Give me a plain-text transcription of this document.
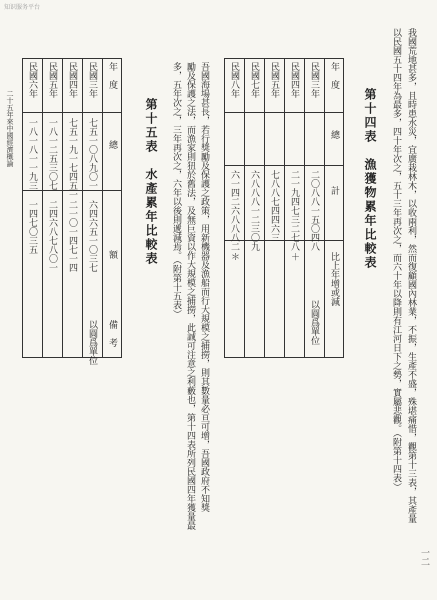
知识服务平台
我國荒地甚多，且時患水災，宜廣栽林木，以收兩利，然而復顧國內林業，不振，生產不盛，殊堪痛惜，觀第十三表，其產量
以民國五十四年為最多，四十年次之，五十三年再次之，而六十年以降則有江河日下之勢，實屬悲觀。（附第十四表）
第十四表　漁獲物累年比較表
年　度
總
計
比上年增或減
民國三年
二〇八八一五〇四八
以圓爲單位
民國四年
二一九四七三二七八
＋
民國五年
七八八七四四六三
民國七年
六八八八一二三〇九
民國八年
六一四二六八八八二
＊
吾國海場甚長，若行獎勵及保護之政策，用新機器及漁船而行大規模之捕撈，則其數量必亘可增，吾國政府不知獎
勵及保護之法，而漁家則狃於舊法，及無巨資以作大規模之捕撈，此誠可注意之利藪也，第十四表所列民國四年獲量最
多，五年次之，三年再次之，六年以後則遞減焉。（附第十五表）
第十五表　水產累年比較表
年　度
總
額
備　考
民國三年
七五一〇八九〇一
六四六五一〇三七
以圓爲單位
民國四年
七五一九一七四五一
二一〇一四七一四
民國五年
一八一二五三〇七
二四六八七八〇一
民國六年
一八一八一一九三
一四七〇三五
二十五年來中國經濟概論
一二
